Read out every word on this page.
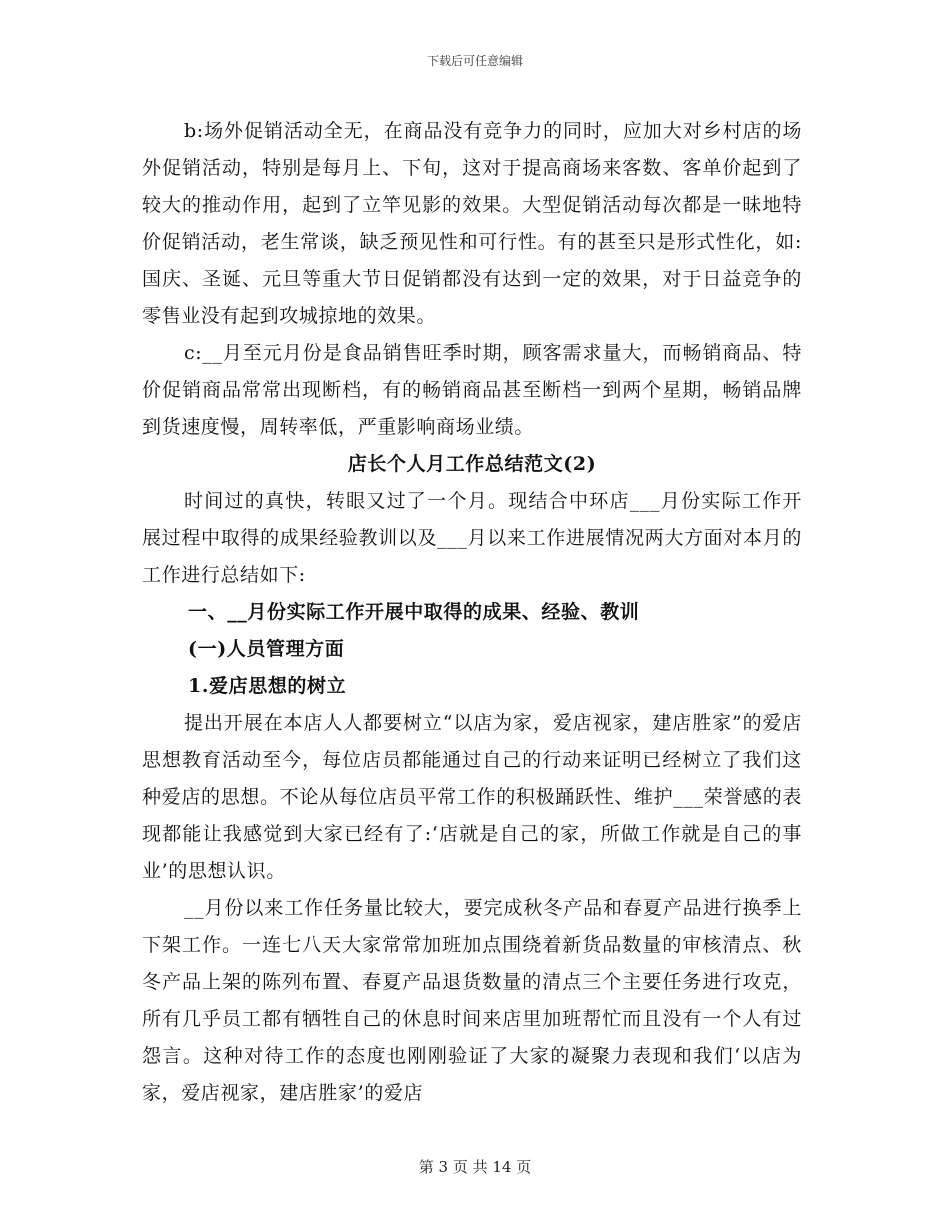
下载后可任意编辑

b:场外促销活动全无，在商品没有竞争力的同时，应加大对乡村店的场外促销活动，特别是每月上、下旬，这对于提高商场来客数、客单价起到了较大的推动作用，起到了立竿见影的效果。大型促销活动每次都是一昧地特价促销活动，老生常谈，缺乏预见性和可行性。有的甚至只是形式性化，如:国庆、圣诞、元旦等重大节日促销都没有达到一定的效果，对于日益竞争的零售业没有起到攻城掠地的效果。

c:__月至元月份是食品销售旺季时期，顾客需求量大，而畅销商品、特价促销商品常常出现断档，有的畅销商品甚至断档一到两个星期，畅销品牌到货速度慢，周转率低，严重影响商场业绩。

店长个人月工作总结范文(2)

时间过的真快，转眼又过了一个月。现结合中环店___月份实际工作开展过程中取得的成果经验教训以及___月以来工作进展情况两大方面对本月的工作进行总结如下:

一、__月份实际工作开展中取得的成果、经验、教训

(一)人员管理方面

1.爱店思想的树立

提出开展在本店人人都要树立“以店为家，爱店视家，建店胜家”的爱店思想教育活动至今，每位店员都能通过自己的行动来证明已经树立了我们这种爱店的思想。不论从每位店员平常工作的积极踊跃性、维护___荣誉感的表现都能让我感觉到大家已经有了:‘店就是自己的家，所做工作就是自己的事业’的思想认识。

__月份以来工作任务量比较大，要完成秋冬产品和春夏产品进行换季上下架工作。一连七八天大家常常加班加点围绕着新货品数量的审核清点、秋冬产品上架的陈列布置、春夏产品退货数量的清点三个主要任务进行攻克，所有几乎员工都有牺牲自己的休息时间来店里加班帮忙而且没有一个人有过怨言。这种对待工作的态度也刚刚验证了大家的凝聚力表现和我们‘以店为家，爱店视家，建店胜家’的爱店

第 3 页 共 14 页
